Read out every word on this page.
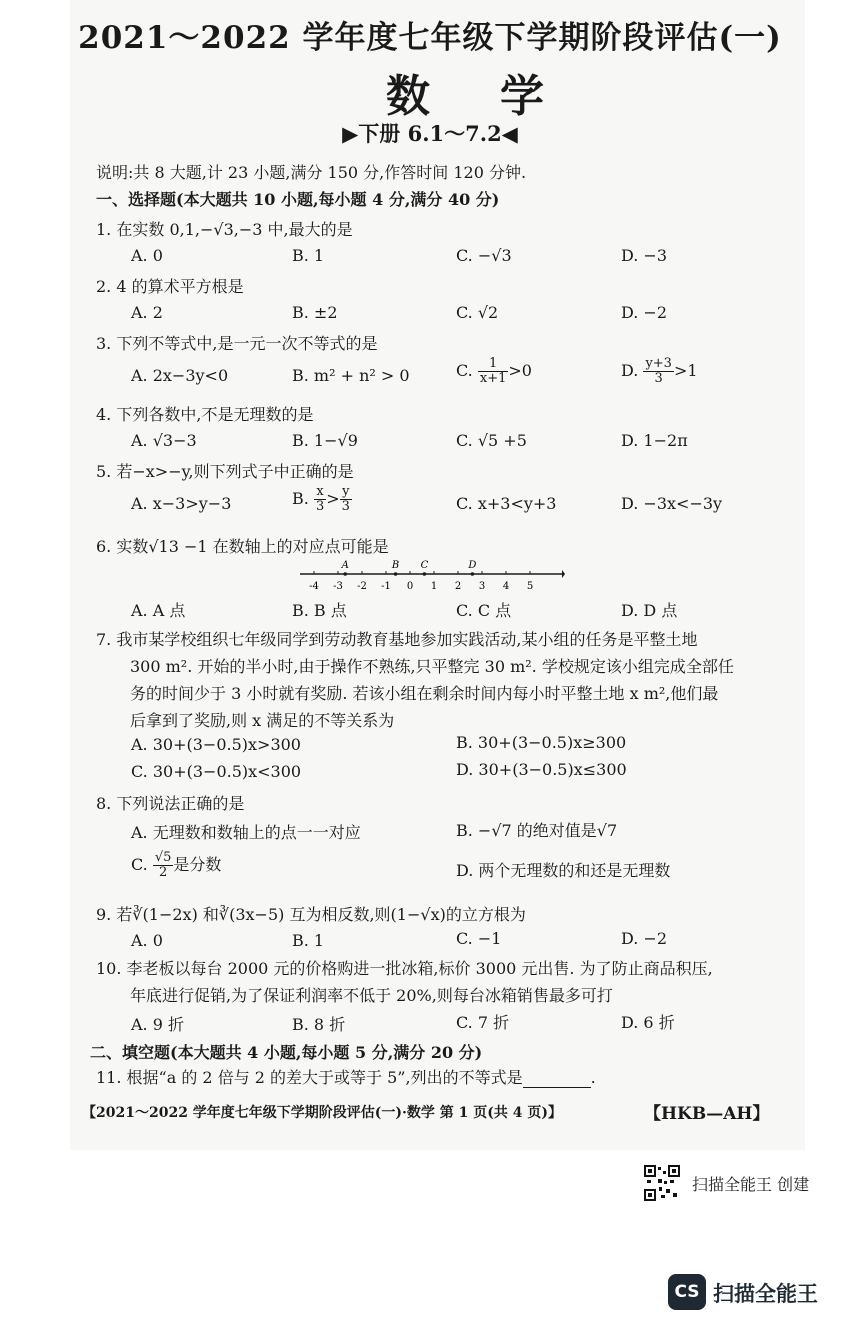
2021～2022 学年度七年级下学期阶段评估(一)
数学
▶下册 6.1～7.2◀
说明:共 8 大题,计 23 小题,满分 150 分,作答时间 120 分钟.
一、选择题(本大题共 10 小题,每小题 4 分,满分 40 分)
1. 在实数 0,1,−√3,−3 中,最大的是
A. 0	B. 1	C. −√3	D. −3
2. 4 的算术平方根是
A. 2	B. ±2	C. √2	D. −2
3. 下列不等式中,是一元一次不等式的是
A. 2x−3y<0	B. m² + n² > 0	C. $\frac{1}{x+1} >0$	D. $\frac{y+3}{3} >1$
4. 下列各数中,不是无理数的是
A. √3−3	B. 1−√9	C. √5 +5	D. 1−2π
5. 若−x>−y,则下列式子中正确的是
A. x−3>y−3	B. $\frac{x}{3} > \frac{y}{3}$	C. x+3<y+3	D. −3x<−3y
6. 实数√13 −1 在数轴上的对应点可能是
-4 -3 -2 -1 0 1 2 3 4 5
A	B C	D
A. A 点	B. B 点	C. C 点	D. D 点
7. 我市某学校组织七年级同学到劳动教育基地参加实践活动,某小组的任务是平整土地
300 m². 开始的半小时,由于操作不熟练,只平整完 30 m². 学校规定该小组完成全部任
务的时间少于 3 小时就有奖励. 若该小组在剩余时间内每小时平整土地 x m²,他们最
后拿到了奖励,则 x 满足的不等关系为
A. 30+(3−0.5)x>300	B. 30+(3−0.5)x≥300
C. 30+(3−0.5)x<300	D. 30+(3−0.5)x≤300
8. 下列说法正确的是
A. 无理数和数轴上的点一一对应	B. −√7 的绝对值是√7
C. $\frac{√5}{2}$ 是分数	D. 两个无理数的和还是无理数
9. 若∛(1−2x) 和∛(3x−5) 互为相反数,则(1−√x)的立方根为
A. 0	B. 1	C. −1	D. −2
10. 李老板以每台 2000 元的价格购进一批冰箱,标价 3000 元出售. 为了防止商品积压,
年底进行促销,为了保证利润率不低于 20%,则每台冰箱销售最多可打
A. 9 折	B. 8 折	C. 7 折	D. 6 折
二、填空题(本大题共 4 小题,每小题 5 分,满分 20 分)
11. 根据“a 的 2 倍与 2 的差大于或等于 5”,列出的不等式是	.
【2021～2022 学年度七年级下学期阶段评估(一)·数学 第 1 页(共 4 页)】	【HKB—AH】
扫描全能王 创建
CS 扫描全能王
